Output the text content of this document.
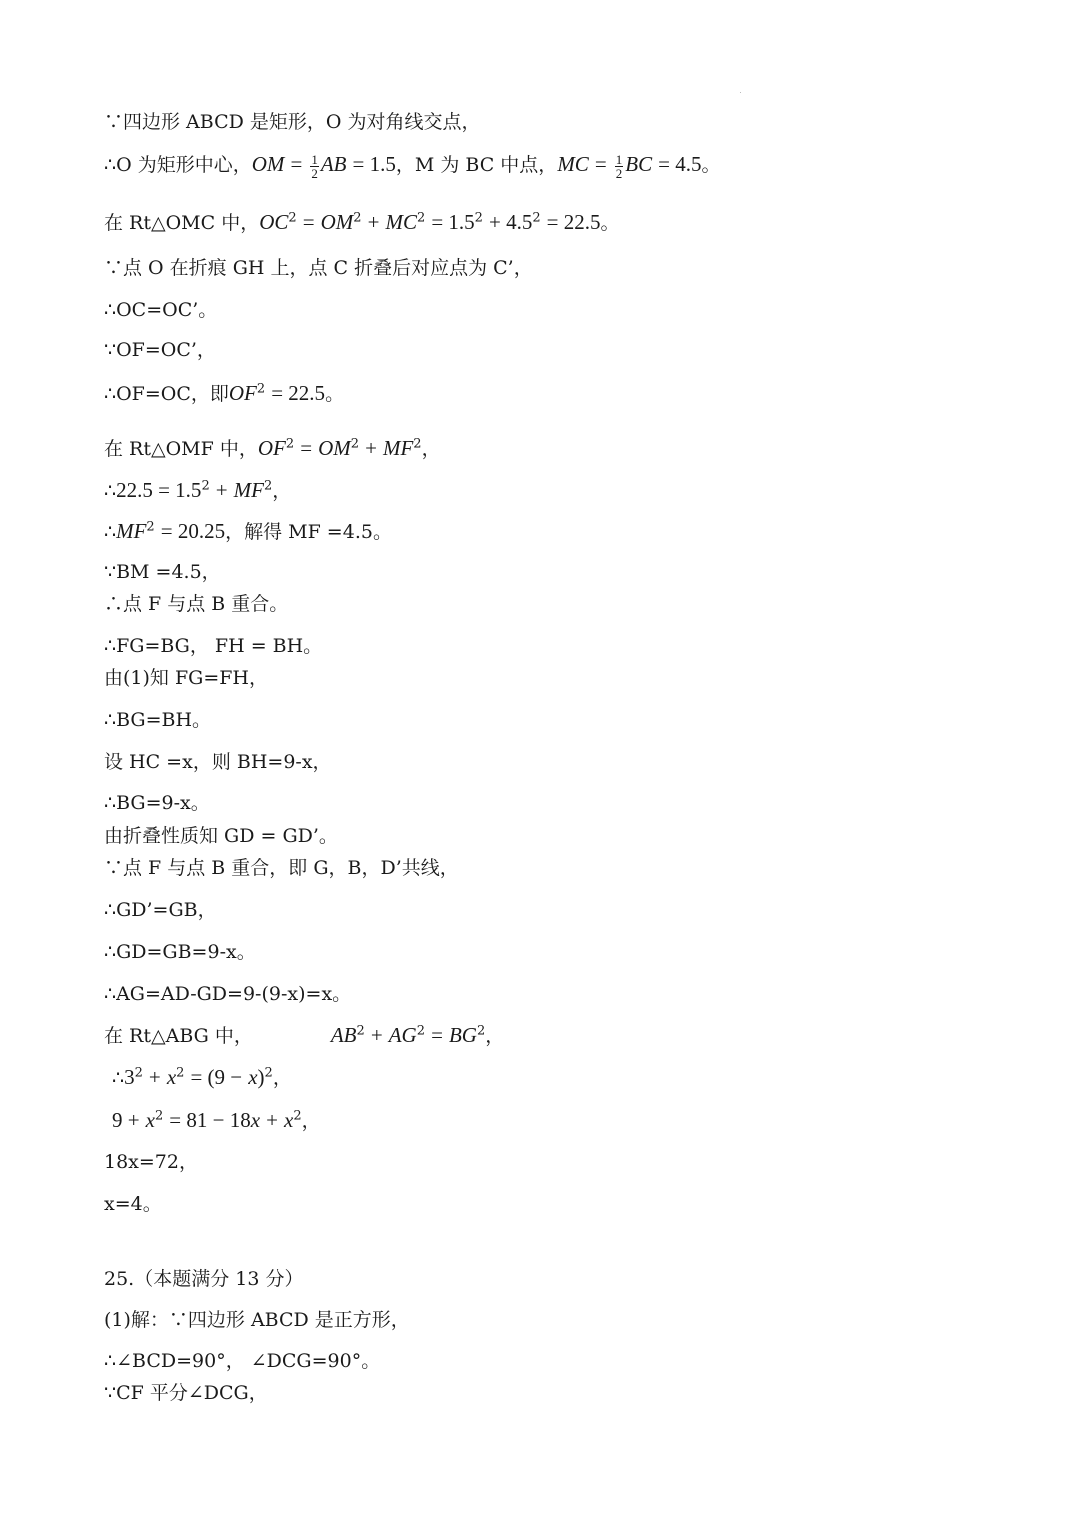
∵四边形 ABCD 是矩形，O 为对角线交点，
∴O 为矩形中心，OM = $\frac{1}{2}$ AB = 1.5，M 为 BC 中点，MC = $\frac{1}{2}$ BC = 4.5。
在 Rt△OMC 中，$OC^2 = OM^2 + MC^2 = 1.5^2 + 4.5^2 = 22.5$。
∵点 O 在折痕 GH 上，点 C 折叠后对应点为 C’，
∴OC=OC’。
∵OF=OC’，
∴OF=OC，即$OF^2 = 22.5$。
在 Rt△OMF 中，$OF^2 = OM^2 + MF^2$，
∴22.5 = $1.5^2 + MF^2$，
$\therefore MF^2 = 20.25$，解得 MF =4.5。
∵BM =4.5，
∴点 F 与点 B 重合。
∴FG=BG， FH = BH。
由(1)知 FG=FH，
∴BG=BH。
设 HC =x，则 BH=9-x，
∴BG=9-x。
由折叠性质知 GD = GD’。
∵点 F 与点 B 重合，即 G，B，D’共线，
∴GD’=GB，
∴GD=GB=9-x。
∴AG=AD-GD=9-(9-x)=x。
在 Rt△ABG 中，	$AB^2 + AG^2 = BG^2$，
$\therefore 3^2 + x^2 = (9 - x)^2$，
$9 + x^2 = 81 - 18x + x^2$，
18x=72，
x=4。
25.（本题满分 13 分）
(1)解：∵四边形 ABCD 是正方形，
∴∠BCD=90°， ∠DCG=90°。
∵CF 平分∠DCG，
